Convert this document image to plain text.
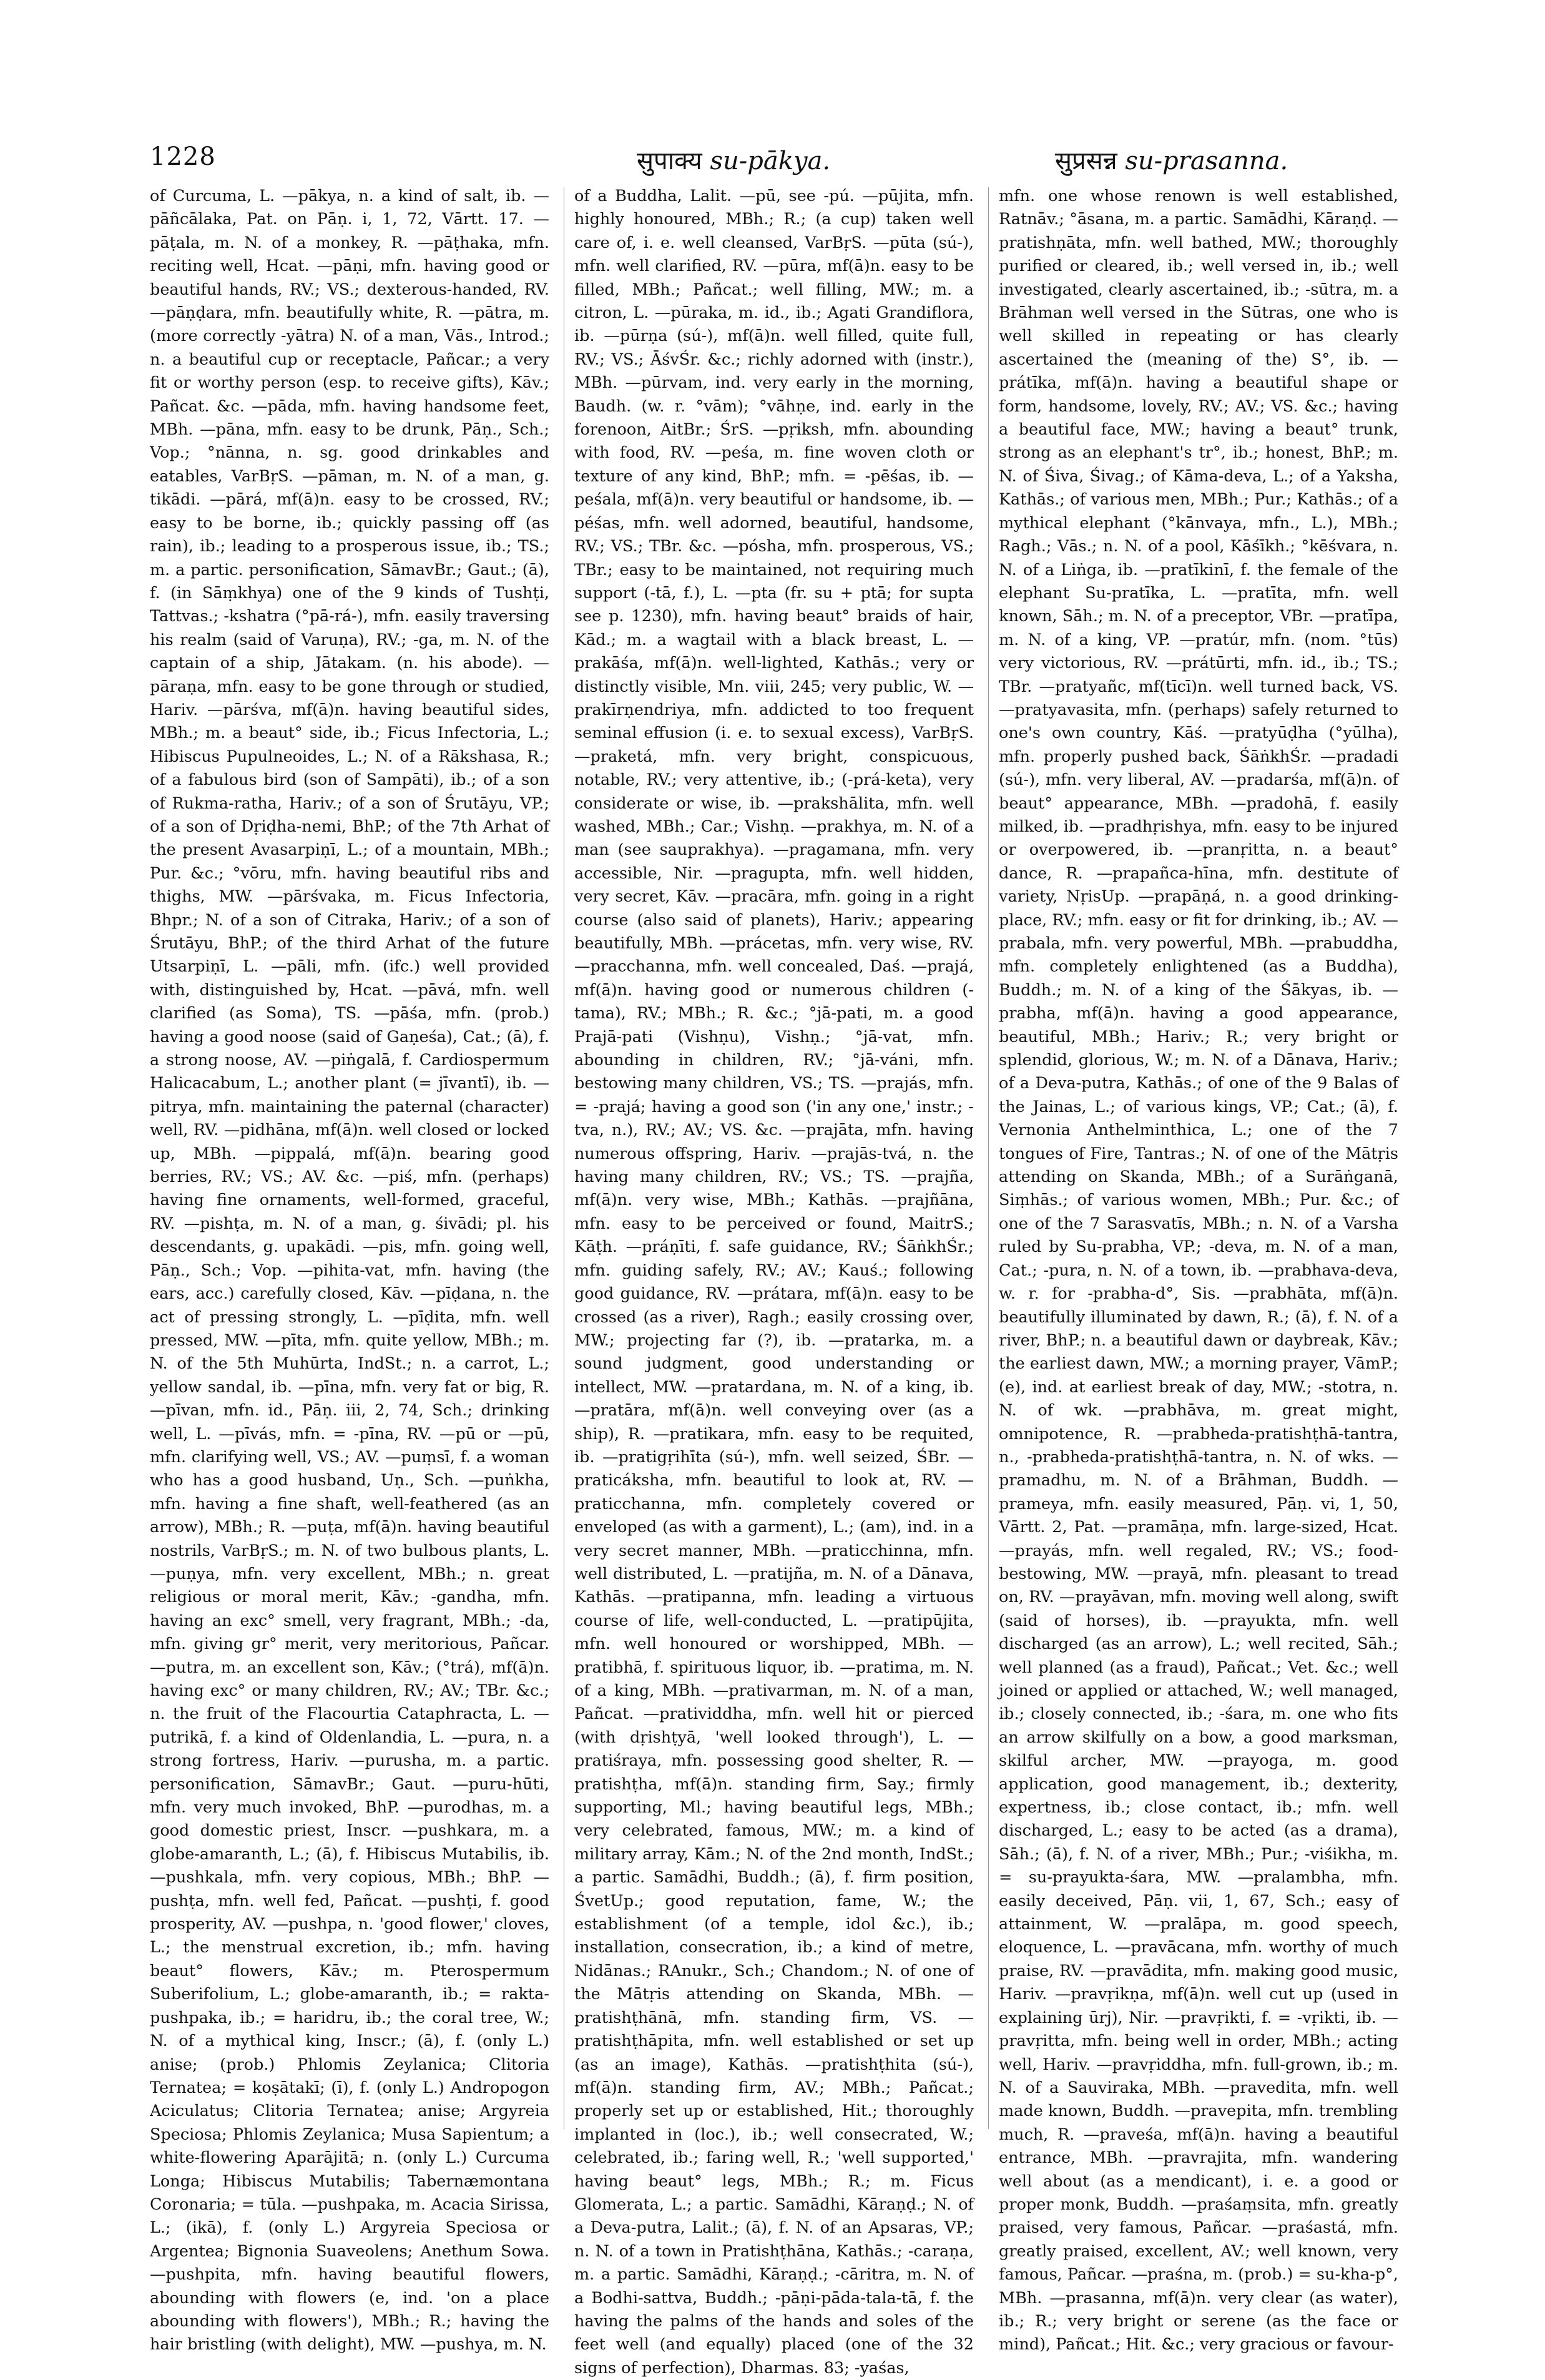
1228	सुपाक्य su-pākya.	सुप्रसन्न su-prasanna.

of Curcuma, L. —pākya, n. a kind of salt, ib. —pāñcālaka, Pat. on Pāṇ. i, 1, 72, Vārtt. 17. —pāṭala, m. N. of a monkey, R. —pāṭhaka, mfn. reciting well, Hcat. —pāṇi, mfn. having good or beautiful hands, RV.; VS.; dexterous-handed, RV. —pāṇḍara, mfn. beautifully white, R. —pātra, m. (more correctly -yātra) N. of a man, Vās., Introd.; n. a beautiful cup or receptacle, Pañcar.; a very fit or worthy person (esp. to receive gifts), Kāv.; Pañcat. &c. —pāda, mfn. having handsome feet, MBh. —pāna, mfn. easy to be drunk, Pāṇ., Sch.; Vop.; °nānna, n. sg. good drinkables and eatables, VarBṛS. —pāman, m. N. of a man, g. tikādi. —pārá, mf(ā)n. easy to be crossed, RV.; easy to be borne, ib.; quickly passing off (as rain), ib.; leading to a prosperous issue, ib.; TS.; m. a partic. personification, SāmavBr.; Gaut.; (ā), f. (in Sāṃkhya) one of the 9 kinds of Tushṭi, Tattvas.; -kshatra (°pā-rá-), mfn. easily traversing his realm (said of Varuṇa), RV.; -ga, m. N. of the captain of a ship, Jātakam. (n. his abode). —pāraṇa, mfn. easy to be gone through or studied, Hariv. —pārśva, mf(ā)n. having beautiful sides, MBh.; m. a beaut° side, ib.; Ficus Infectoria, L.; Hibiscus Pupulneoides, L.; N. of a Rākshasa, R.; of a fabulous bird (son of Sampāti), ib.; of a son of Rukma-ratha, Hariv.; of a son of Śrutāyu, VP.; of a son of Dṛiḍha-nemi, BhP.; of the 7th Arhat of the present Avasarpiṇī, L.; of a mountain, MBh.; Pur. &c.; °vōru, mfn. having beautiful ribs and thighs, MW. —pārśvaka, m. Ficus Infectoria, Bhpr.; N. of a son of Citraka, Hariv.; of a son of Śrutāyu, BhP.; of the third Arhat of the future Utsarpiṇī, L. —pāli, mfn. (ifc.) well provided with, distinguished by, Hcat. —pāvá, mfn. well clarified (as Soma), TS. —pāśa, mfn. (prob.) having a good noose (said of Gaṇeśa), Cat.; (ā), f. a strong noose, AV. —piṅgalā, f. Cardiospermum Halicacabum, L.; another plant (= jīvantī), ib. —pitrya, mfn. maintaining the paternal (character) well, RV. —pidhāna, mf(ā)n. well closed or locked up, MBh. —pippalá, mf(ā)n. bearing good berries, RV.; VS.; AV. &c. —piś, mfn. (perhaps) having fine ornaments, well-formed, graceful, RV. —pishṭa, m. N. of a man, g. śivādi; pl. his descendants, g. upakādi. —pis, mfn. going well, Pāṇ., Sch.; Vop. —pihita-vat, mfn. having (the ears, acc.) carefully closed, Kāv. —pīḍana, n. the act of pressing strongly, L. —pīḍita, mfn. well pressed, MW. —pīta, mfn. quite yellow, MBh.; m. N. of the 5th Muhūrta, IndSt.; n. a carrot, L.; yellow sandal, ib. —pīna, mfn. very fat or big, R. —pīvan, mfn. id., Pāṇ. iii, 2, 74, Sch.; drinking well, L. —pīvás, mfn. = -pīna, RV. —pū or —pū, mfn. clarifying well, VS.; AV. —puṃsī, f. a woman who has a good husband, Uṇ., Sch. —puṅkha, mfn. having a fine shaft, well-feathered (as an arrow), MBh.; R. —puṭa, mf(ā)n. having beautiful nostrils, VarBṛS.; m. N. of two bulbous plants, L. —puṇya, mfn. very excellent, MBh.; n. great religious or moral merit, Kāv.; -gandha, mfn. having an exc° smell, very fragrant, MBh.; -da, mfn. giving gr° merit, very meritorious, Pañcar. —putra, m. an excellent son, Kāv.; (°trá), mf(ā)n. having exc° or many children, RV.; AV.; TBr. &c.; n. the fruit of the Flacourtia Cataphracta, L. —putrikā, f. a kind of Oldenlandia, L. —pura, n. a strong fortress, Hariv. —purusha, m. a partic. personification, SāmavBr.; Gaut. —puru-hūti, mfn. very much invoked, BhP. —purodhas, m. a good domestic priest, Inscr. —pushkara, m. a globe-amaranth, L.; (ā), f. Hibiscus Mutabilis, ib. —pushkala, mfn. very copious, MBh.; BhP. —pushṭa, mfn. well fed, Pañcat. —pushṭi, f. good prosperity, AV. —pushpa, n. 'good flower,' cloves, L.; the menstrual excretion, ib.; mfn. having beaut° flowers, Kāv.; m. Pterospermum Suberifolium, L.; globe-amaranth, ib.; = rakta-pushpaka, ib.; = haridru, ib.; the coral tree, W.; N. of a mythical king, Inscr.; (ā), f. (only L.) anise; (prob.) Phlomis Zeylanica; Clitoria Ternatea; = koṣātakī; (ī), f. (only L.) Andropogon Aciculatus; Clitoria Ternatea; anise; Argyreia Speciosa; Phlomis Zeylanica; Musa Sapientum; a white-flowering Aparājitā; n. (only L.) Curcuma Longa; Hibiscus Mutabilis; Tabernæmontana Coronaria; = tūla. —pushpaka, m. Acacia Sirissa, L.; (ikā), f. (only L.) Argyreia Speciosa or Argentea; Bignonia Suaveolens; Anethum Sowa. —pushpita, mfn. having beautiful flowers, abounding with flowers (e, ind. 'on a place abounding with flowers'), MBh.; R.; having the hair bristling (with delight), MW. —pushya, m. N.

of a Buddha, Lalit. —pū, see -pú. —pūjita, mfn. highly honoured, MBh.; R.; (a cup) taken well care of, i. e. well cleansed, VarBṛS. —pūta (sú-), mfn. well clarified, RV. —pūra, mf(ā)n. easy to be filled, MBh.; Pañcat.; well filling, MW.; m. a citron, L. —pūraka, m. id., ib.; Agati Grandiflora, ib. —pūrṇa (sú-), mf(ā)n. well filled, quite full, RV.; VS.; ĀśvŚr. &c.; richly adorned with (instr.), MBh. —pūrvam, ind. very early in the morning, Baudh. (w. r. °vām); °vāhṇe, ind. early in the forenoon, AitBr.; ŚrS. —pṛiksh, mfn. abounding with food, RV. —peśa, m. fine woven cloth or texture of any kind, BhP.; mfn. = -pēśas, ib. —peśala, mf(ā)n. very beautiful or handsome, ib. —péśas, mfn. well adorned, beautiful, handsome, RV.; VS.; TBr. &c. —pósha, mfn. prosperous, VS.; TBr.; easy to be maintained, not requiring much support (-tā, f.), L. —pta (fr. su + ptā; for supta see p. 1230), mfn. having beaut° braids of hair, Kād.; m. a wagtail with a black breast, L. —prakāśa, mf(ā)n. well-lighted, Kathās.; very or distinctly visible, Mn. viii, 245; very public, W. —prakīrṇendriya, mfn. addicted to too frequent seminal effusion (i. e. to sexual excess), VarBṛS. —praketá, mfn. very bright, conspicuous, notable, RV.; very attentive, ib.; (-prá-keta), very considerate or wise, ib. —prakshālita, mfn. well washed, MBh.; Car.; Vishṇ. —prakhya, m. N. of a man (see sauprakhya). —pragamana, mfn. very accessible, Nir. —pragupta, mfn. well hidden, very secret, Kāv. —pracāra, mfn. going in a right course (also said of planets), Hariv.; appearing beautifully, MBh. —prácetas, mfn. very wise, RV. —pracchanna, mfn. well concealed, Daś. —prajá, mf(ā)n. having good or numerous children (-tama), RV.; MBh.; R. &c.; °jā-pati, m. a good Prajā-pati (Vishṇu), Vishṇ.; °jā-vat, mfn. abounding in children, RV.; °jā-váni, mfn. bestowing many children, VS.; TS. —prajás, mfn. = -prajá; having a good son ('in any one,' instr.; -tva, n.), RV.; AV.; VS. &c. —prajāta, mfn. having numerous offspring, Hariv. —prajās-tvá, n. the having many children, RV.; VS.; TS. —prajña, mf(ā)n. very wise, MBh.; Kathās. —prajñāna, mfn. easy to be perceived or found, MaitrS.; Kāṭh. —práṇīti, f. safe guidance, RV.; ŚāṅkhŚr.; mfn. guiding safely, RV.; AV.; Kauś.; following good guidance, RV. —prátara, mf(ā)n. easy to be crossed (as a river), Ragh.; easily crossing over, MW.; projecting far (?), ib. —pratarka, m. a sound judgment, good understanding or intellect, MW. —pratardana, m. N. of a king, ib. —pratāra, mf(ā)n. well conveying over (as a ship), R. —pratikara, mfn. easy to be requited, ib. —pratigṛihīta (sú-), mfn. well seized, ŚBr. —praticáksha, mfn. beautiful to look at, RV. —praticchanna, mfn. completely covered or enveloped (as with a garment), L.; (am), ind. in a very secret manner, MBh. —praticchinna, mfn. well distributed, L. —pratijña, m. N. of a Dānava, Kathās. —pratipanna, mfn. leading a virtuous course of life, well-conducted, L. —pratipūjita, mfn. well honoured or worshipped, MBh. —pratibhā, f. spirituous liquor, ib. —pratima, m. N. of a king, MBh. —prativarman, m. N. of a man, Pañcat. —pratividdha, mfn. well hit or pierced (with dṛishṭyā, 'well looked through'), L. —pratiśraya, mfn. possessing good shelter, R. —pratishṭha, mf(ā)n. standing firm, Say.; firmly supporting, Ml.; having beautiful legs, MBh.; very celebrated, famous, MW.; m. a kind of military array, Kām.; N. of the 2nd month, IndSt.; a partic. Samādhi, Buddh.; (ā), f. firm position, ŚvetUp.; good reputation, fame, W.; the establishment (of a temple, idol &c.), ib.; installation, consecration, ib.; a kind of metre, Nidānas.; RAnukr., Sch.; Chandom.; N. of one of the Mātṛis attending on Skanda, MBh. —pratishṭhānā, mfn. standing firm, VS. —pratishṭhāpita, mfn. well established or set up (as an image), Kathās. —pratishṭhita (sú-), mf(ā)n. standing firm, AV.; MBh.; Pañcat.; properly set up or established, Hit.; thoroughly implanted in (loc.), ib.; well consecrated, W.; celebrated, ib.; faring well, R.; 'well supported,' having beaut° legs, MBh.; R.; m. Ficus Glomerata, L.; a partic. Samādhi, Kāraṇḍ.; N. of a Deva-putra, Lalit.; (ā), f. N. of an Apsaras, VP.; n. N. of a town in Pratishṭhāna, Kathās.; -caraṇa, m. a partic. Samādhi, Kāraṇḍ.; -cāritra, m. N. of a Bodhi-sattva, Buddh.; -pāṇi-pāda-tala-tā, f. the having the palms of the hands and soles of the feet well (and equally) placed (one of the 32 signs of perfection), Dharmas. 83; -yaśas,

mfn. one whose renown is well established, Ratnāv.; °āsana, m. a partic. Samādhi, Kāraṇḍ. —pratishṇāta, mfn. well bathed, MW.; thoroughly purified or cleared, ib.; well versed in, ib.; well investigated, clearly ascertained, ib.; -sūtra, m. a Brāhman well versed in the Sūtras, one who is well skilled in repeating or has clearly ascertained the (meaning of the) S°, ib. —prátīka, mf(ā)n. having a beautiful shape or form, handsome, lovely, RV.; AV.; VS. &c.; having a beautiful face, MW.; having a beaut° trunk, strong as an elephant's tr°, ib.; honest, BhP.; m. N. of Śiva, Śivag.; of Kāma-deva, L.; of a Yaksha, Kathās.; of various men, MBh.; Pur.; Kathās.; of a mythical elephant (°kānvaya, mfn., L.), MBh.; Ragh.; Vās.; n. N. of a pool, Kāśīkh.; °kēśvara, n. N. of a Liṅga, ib. —pratīkinī, f. the female of the elephant Su-pratīka, L. —pratīta, mfn. well known, Sāh.; m. N. of a preceptor, VBr. —pratīpa, m. N. of a king, VP. —pratúr, mfn. (nom. °tūs) very victorious, RV. —prátūrti, mfn. id., ib.; TS.; TBr. —pratyañc, mf(tīcī)n. well turned back, VS. —pratyavasita, mfn. (perhaps) safely returned to one's own country, Kāś. —pratyūḍha (°yūlha), mfn. properly pushed back, ŚāṅkhŚr. —pradadi (sú-), mfn. very liberal, AV. —pradarśa, mf(ā)n. of beaut° appearance, MBh. —pradohā, f. easily milked, ib. —pradhṛishya, mfn. easy to be injured or overpowered, ib. —pranṛitta, n. a beaut° dance, R. —prapañca-hīna, mfn. destitute of variety, NṛisUp. —prapāṇá, n. a good drinking-place, RV.; mfn. easy or fit for drinking, ib.; AV. —prabala, mfn. very powerful, MBh. —prabuddha, mfn. completely enlightened (as a Buddha), Buddh.; m. N. of a king of the Śākyas, ib. —prabha, mf(ā)n. having a good appearance, beautiful, MBh.; Hariv.; R.; very bright or splendid, glorious, W.; m. N. of a Dānava, Hariv.; of a Deva-putra, Kathās.; of one of the 9 Balas of the Jainas, L.; of various kings, VP.; Cat.; (ā), f. Vernonia Anthelminthica, L.; one of the 7 tongues of Fire, Tantras.; N. of one of the Mātṛis attending on Skanda, MBh.; of a Surāṅganā, Siṃhās.; of various women, MBh.; Pur. &c.; of one of the 7 Sarasvatīs, MBh.; n. N. of a Varsha ruled by Su-prabha, VP.; -deva, m. N. of a man, Cat.; -pura, n. N. of a town, ib. —prabhava-deva, w. r. for -prabha-d°, Sis. —prabhāta, mf(ā)n. beautifully illuminated by dawn, R.; (ā), f. N. of a river, BhP.; n. a beautiful dawn or daybreak, Kāv.; the earliest dawn, MW.; a morning prayer, VāmP.; (e), ind. at earliest break of day, MW.; -stotra, n. N. of wk. —prabhāva, m. great might, omnipotence, R. —prabheda-pratishṭhā-tantra, n., -prabheda-pratishṭhā-tantra, n. N. of wks. —pramadhu, m. N. of a Brāhman, Buddh. —prameya, mfn. easily measured, Pāṇ. vi, 1, 50, Vārtt. 2, Pat. —pramāṇa, mfn. large-sized, Hcat. —prayás, mfn. well regaled, RV.; VS.; food-bestowing, MW. —prayā, mfn. pleasant to tread on, RV. —prayāvan, mfn. moving well along, swift (said of horses), ib. —prayukta, mfn. well discharged (as an arrow), L.; well recited, Sāh.; well planned (as a fraud), Pañcat.; Vet. &c.; well joined or applied or attached, W.; well managed, ib.; closely connected, ib.; -śara, m. one who fits an arrow skilfully on a bow, a good marksman, skilful archer, MW. —prayoga, m. good application, good management, ib.; dexterity, expertness, ib.; close contact, ib.; mfn. well discharged, L.; easy to be acted (as a drama), Sāh.; (ā), f. N. of a river, MBh.; Pur.; -viśikha, m. = su-prayukta-śara, MW. —pralambha, mfn. easily deceived, Pāṇ. vii, 1, 67, Sch.; easy of attainment, W. —pralāpa, m. good speech, eloquence, L. —pravācana, mfn. worthy of much praise, RV. —pravādita, mfn. making good music, Hariv. —pravṛikṇa, mf(ā)n. well cut up (used in explaining ūrj), Nir. —pravṛikti, f. = -vṛikti, ib. —pravṛitta, mfn. being well in order, MBh.; acting well, Hariv. —pravṛiddha, mfn. full-grown, ib.; m. N. of a Sauviraka, MBh. —pravedita, mfn. well made known, Buddh. —pravepita, mfn. trembling much, R. —praveśa, mf(ā)n. having a beautiful entrance, MBh. —pravrajita, mfn. wandering well about (as a mendicant), i. e. a good or proper monk, Buddh. —praśaṃsita, mfn. greatly praised, very famous, Pañcar. —praśastá, mfn. greatly praised, excellent, AV.; well known, very famous, Pañcar. —praśna, m. (prob.) = su-kha-p°, MBh. —prasanna, mf(ā)n. very clear (as water), ib.; R.; very bright or serene (as the face or mind), Pañcat.; Hit. &c.; very gracious or favour-
